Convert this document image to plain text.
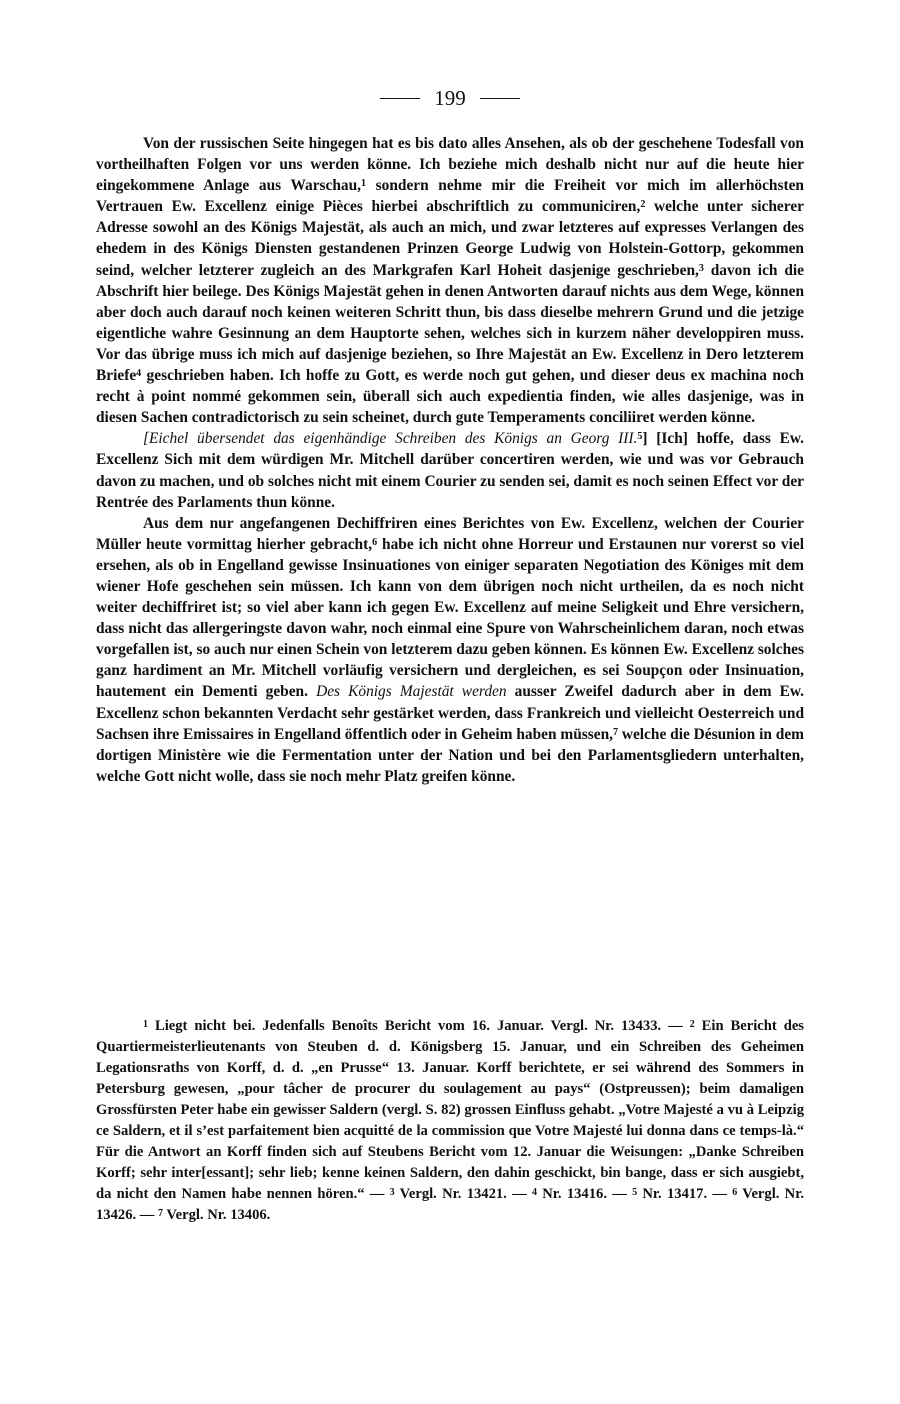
199

Von der russischen Seite hingegen hat es bis dato alles Ansehen, als ob der geschehene Todesfall von vortheilhaften Folgen vor uns werden könne. Ich beziehe mich deshalb nicht nur auf die heute hier eingekommene Anlage aus Warschau,$^1$ sondern nehme mir die Freiheit vor mich im allerhöchsten Vertrauen Ew. Excellenz einige Pièces hierbei abschriftlich zu communiciren,$^2$ welche unter sicherer Adresse sowohl an des Königs Majestät, als auch an mich, und zwar letzteres auf expresses Verlangen des ehedem in des Königs Diensten gestandenen Prinzen George Ludwig von Holstein-Gottorp, gekommen seind, welcher letzterer zugleich an des Markgrafen Karl Hoheit dasjenige geschrieben,$^3$ davon ich die Abschrift hier beilege. Des Königs Majestät gehen in denen Antworten darauf nichts aus dem Wege, können aber doch auch darauf noch keinen weiteren Schritt thun, bis dass dieselbe mehrern Grund und die jetzige eigentliche wahre Gesinnung an dem Hauptorte sehen, welches sich in kurzem näher developpiren muss. Vor das übrige muss ich mich auf dasjenige beziehen, so Ihre Majestät an Ew. Excellenz in Dero letzterem Briefe$^4$ geschrieben haben. Ich hoffe zu Gott, es werde noch gut gehen, und dieser deus ex machina noch recht à point nommé gekommen sein, überall sich auch expedientia finden, wie alles dasjenige, was in diesen Sachen contradictorisch zu sein scheinet, durch gute Temperaments conciliiret werden könne.

[Eichel übersendet das eigenhändige Schreiben des Königs an Georg III.$^5$] [Ich] hoffe, dass Ew. Excellenz Sich mit dem würdigen Mr. Mitchell darüber concertiren werden, wie und was vor Gebrauch davon zu machen, und ob solches nicht mit einem Courier zu senden sei, damit es noch seinen Effect vor der Rentrée des Parlaments thun könne.

Aus dem nur angefangenen Dechiffriren eines Berichtes von Ew. Excellenz, welchen der Courier Müller heute vormittag hierher gebracht,$^6$ habe ich nicht ohne Horreur und Erstaunen nur vorerst so viel ersehen, als ob in Engelland gewisse Insinuationes von einiger separaten Negotiation des Königes mit dem wiener Hofe geschehen sein müssen. Ich kann von dem übrigen noch nicht urtheilen, da es noch nicht weiter dechiffriret ist; so viel aber kann ich gegen Ew. Excellenz auf meine Seligkeit und Ehre versichern, dass nicht das allergeringste davon wahr, noch einmal eine Spure von Wahrscheinlichem daran, noch etwas vorgefallen ist, so auch nur einen Schein von letzterem dazu geben können. Es können Ew. Excellenz solches ganz hardiment an Mr. Mitchell vorläufig versichern und dergleichen, es sei Soupçon oder Insinuation, hautement ein Dementi geben. Des Königs Majestät werden ausser Zweifel dadurch aber in dem Ew. Excellenz schon bekannten Verdacht sehr gestärket werden, dass Frankreich und vielleicht Oesterreich und Sachsen ihre Emissaires in Engelland öffentlich oder in Geheim haben müssen,$^7$ welche die Désunion in dem dortigen Ministère wie die Fermentation unter der Nation und bei den Parlamentsgliedern unterhalten, welche Gott nicht wolle, dass sie noch mehr Platz greifen könne.

$^1$ Liegt nicht bei. Jedenfalls Benoîts Bericht vom 16. Januar. Vergl. Nr. 13433. — $^2$ Ein Bericht des Quartiermeisterlieutenants von Steuben d. d. Königsberg 15. Januar, und ein Schreiben des Geheimen Legationsraths von Korff, d. d. „en Prusse“ 13. Januar. Korff berichtete, er sei während des Sommers in Petersburg gewesen, „pour tâcher de procurer du soulagement au pays“ (Ostpreussen); beim damaligen Grossfürsten Peter habe ein gewisser Saldern (vergl. S. 82) grossen Einfluss gehabt. „Votre Majesté a vu à Leipzig ce Saldern, et il s’est parfaitement bien acquitté de la commission que Votre Majesté lui donna dans ce temps-là.“ Für die Antwort an Korff finden sich auf Steubens Bericht vom 12. Januar die Weisungen: „Danke Schreiben Korff; sehr inter[essant]; sehr lieb; kenne keinen Saldern, den dahin geschickt, bin bange, dass er sich ausgiebt, da nicht den Namen habe nennen hören.“ — $^3$ Vergl. Nr. 13421. — $^4$ Nr. 13416. — $^5$ Nr. 13417. — $^6$ Vergl. Nr. 13426. — $^7$ Vergl. Nr. 13406.
